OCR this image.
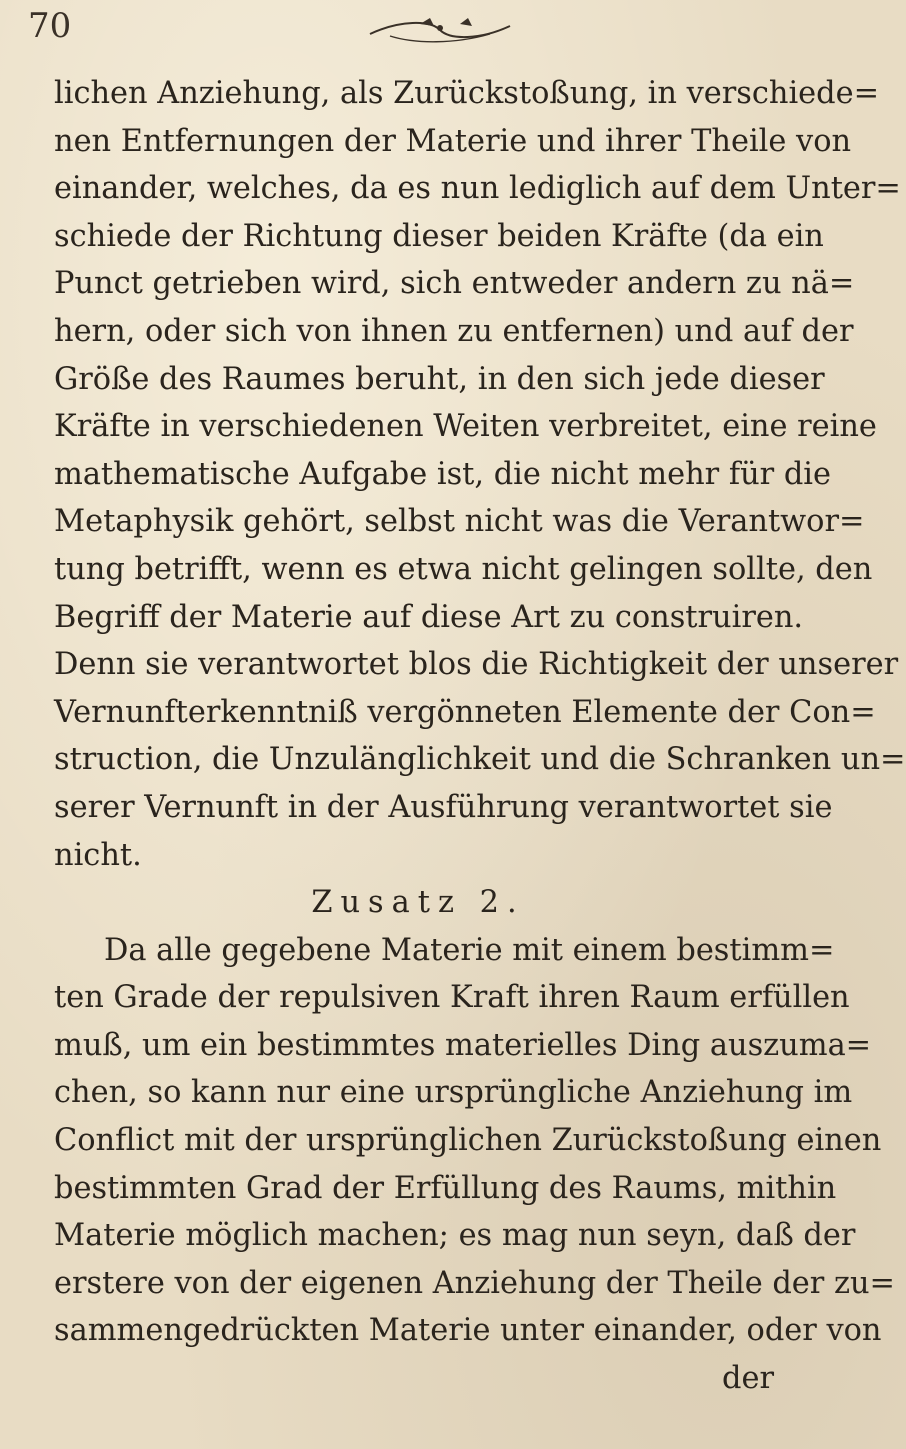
70
lichen Anziehung, als Zurückstoßung, in verschiede=
nen Entfernungen der Materie und ihrer Theile von
einander, welches, da es nun lediglich auf dem Unter=
schiede der Richtung dieser beiden Kräfte (da ein
Punct getrieben wird, sich entweder andern zu nä=
hern, oder sich von ihnen zu entfernen) und auf der
Größe des Raumes beruht, in den sich jede dieser
Kräfte in verschiedenen Weiten verbreitet, eine reine
mathematische Aufgabe ist, die nicht mehr für die
Metaphysik gehört, selbst nicht was die Verantwor=
tung betrifft, wenn es etwa nicht gelingen sollte, den
Begriff der Materie auf diese Art zu construiren.
Denn sie verantwortet blos die Richtigkeit der unserer
Vernunfterkenntniß vergönneten Elemente der Con=
struction, die Unzulänglichkeit und die Schranken un=
serer Vernunft in der Ausführung verantwortet sie
nicht.
Zusatz 2.
Da alle gegebene Materie mit einem bestimm=
ten Grade der repulsiven Kraft ihren Raum erfüllen
muß, um ein bestimmtes materielles Ding auszuma=
chen, so kann nur eine ursprüngliche Anziehung im
Conflict mit der ursprünglichen Zurückstoßung einen
bestimmten Grad der Erfüllung des Raums, mithin
Materie möglich machen; es mag nun seyn, daß der
erstere von der eigenen Anziehung der Theile der zu=
sammengedrückten Materie unter einander, oder von
der
